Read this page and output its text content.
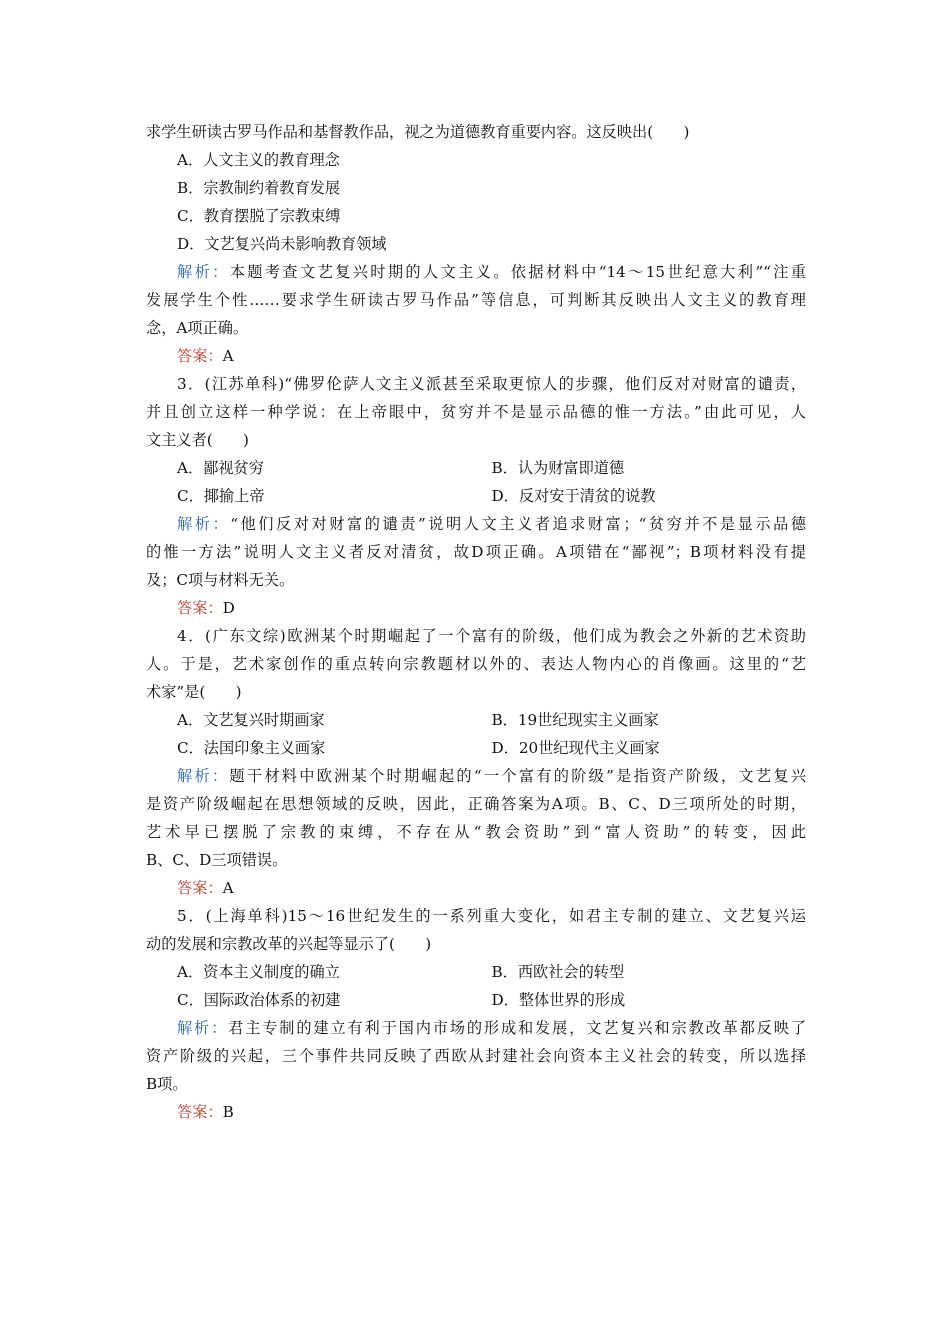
求学生研读古罗马作品和基督教作品，视之为道德教育重要内容。这反映出(　　)
A．人文主义的教育理念
B．宗教制约着教育发展
C．教育摆脱了宗教束缚
D．文艺复兴尚未影响教育领域
解析：本题考查文艺复兴时期的人文主义。依据材料中“14～15世纪意大利”“注重
发展学生个性……要求学生研读古罗马作品”等信息，可判断其反映出人文主义的教育理
念，A项正确。
答案：A
3．(江苏单科)“佛罗伦萨人文主义派甚至采取更惊人的步骤，他们反对对财富的谴责，
并且创立这样一种学说：在上帝眼中，贫穷并不是显示品德的惟一方法。”由此可见，人
文主义者(　　)
A．鄙视贫穷	B．认为财富即道德
C．揶揄上帝	D．反对安于清贫的说教
解析：“他们反对对财富的谴责”说明人文主义者追求财富；“贫穷并不是显示品德
的惟一方法”说明人文主义者反对清贫，故D项正确。A项错在“鄙视”；B项材料没有提
及；C项与材料无关。
答案：D
4．(广东文综)欧洲某个时期崛起了一个富有的阶级，他们成为教会之外新的艺术资助
人。于是，艺术家创作的重点转向宗教题材以外的、表达人物内心的肖像画。这里的“艺
术家”是(　　)
A．文艺复兴时期画家	B．19世纪现实主义画家
C．法国印象主义画家	D．20世纪现代主义画家
解析：题干材料中欧洲某个时期崛起的“一个富有的阶级”是指资产阶级，文艺复兴
是资产阶级崛起在思想领域的反映，因此，正确答案为A项。B、C、D三项所处的时期，
艺术早已摆脱了宗教的束缚，不存在从“教会资助”到“富人资助”的转变，因此
B、C、D三项错误。
答案：A
5．(上海单科)15～16世纪发生的一系列重大变化，如君主专制的建立、文艺复兴运
动的发展和宗教改革的兴起等显示了(　　)
A．资本主义制度的确立	B．西欧社会的转型
C．国际政治体系的初建	D．整体世界的形成
解析：君主专制的建立有利于国内市场的形成和发展，文艺复兴和宗教改革都反映了
资产阶级的兴起，三个事件共同反映了西欧从封建社会向资本主义社会的转变，所以选择
B项。
答案：B
